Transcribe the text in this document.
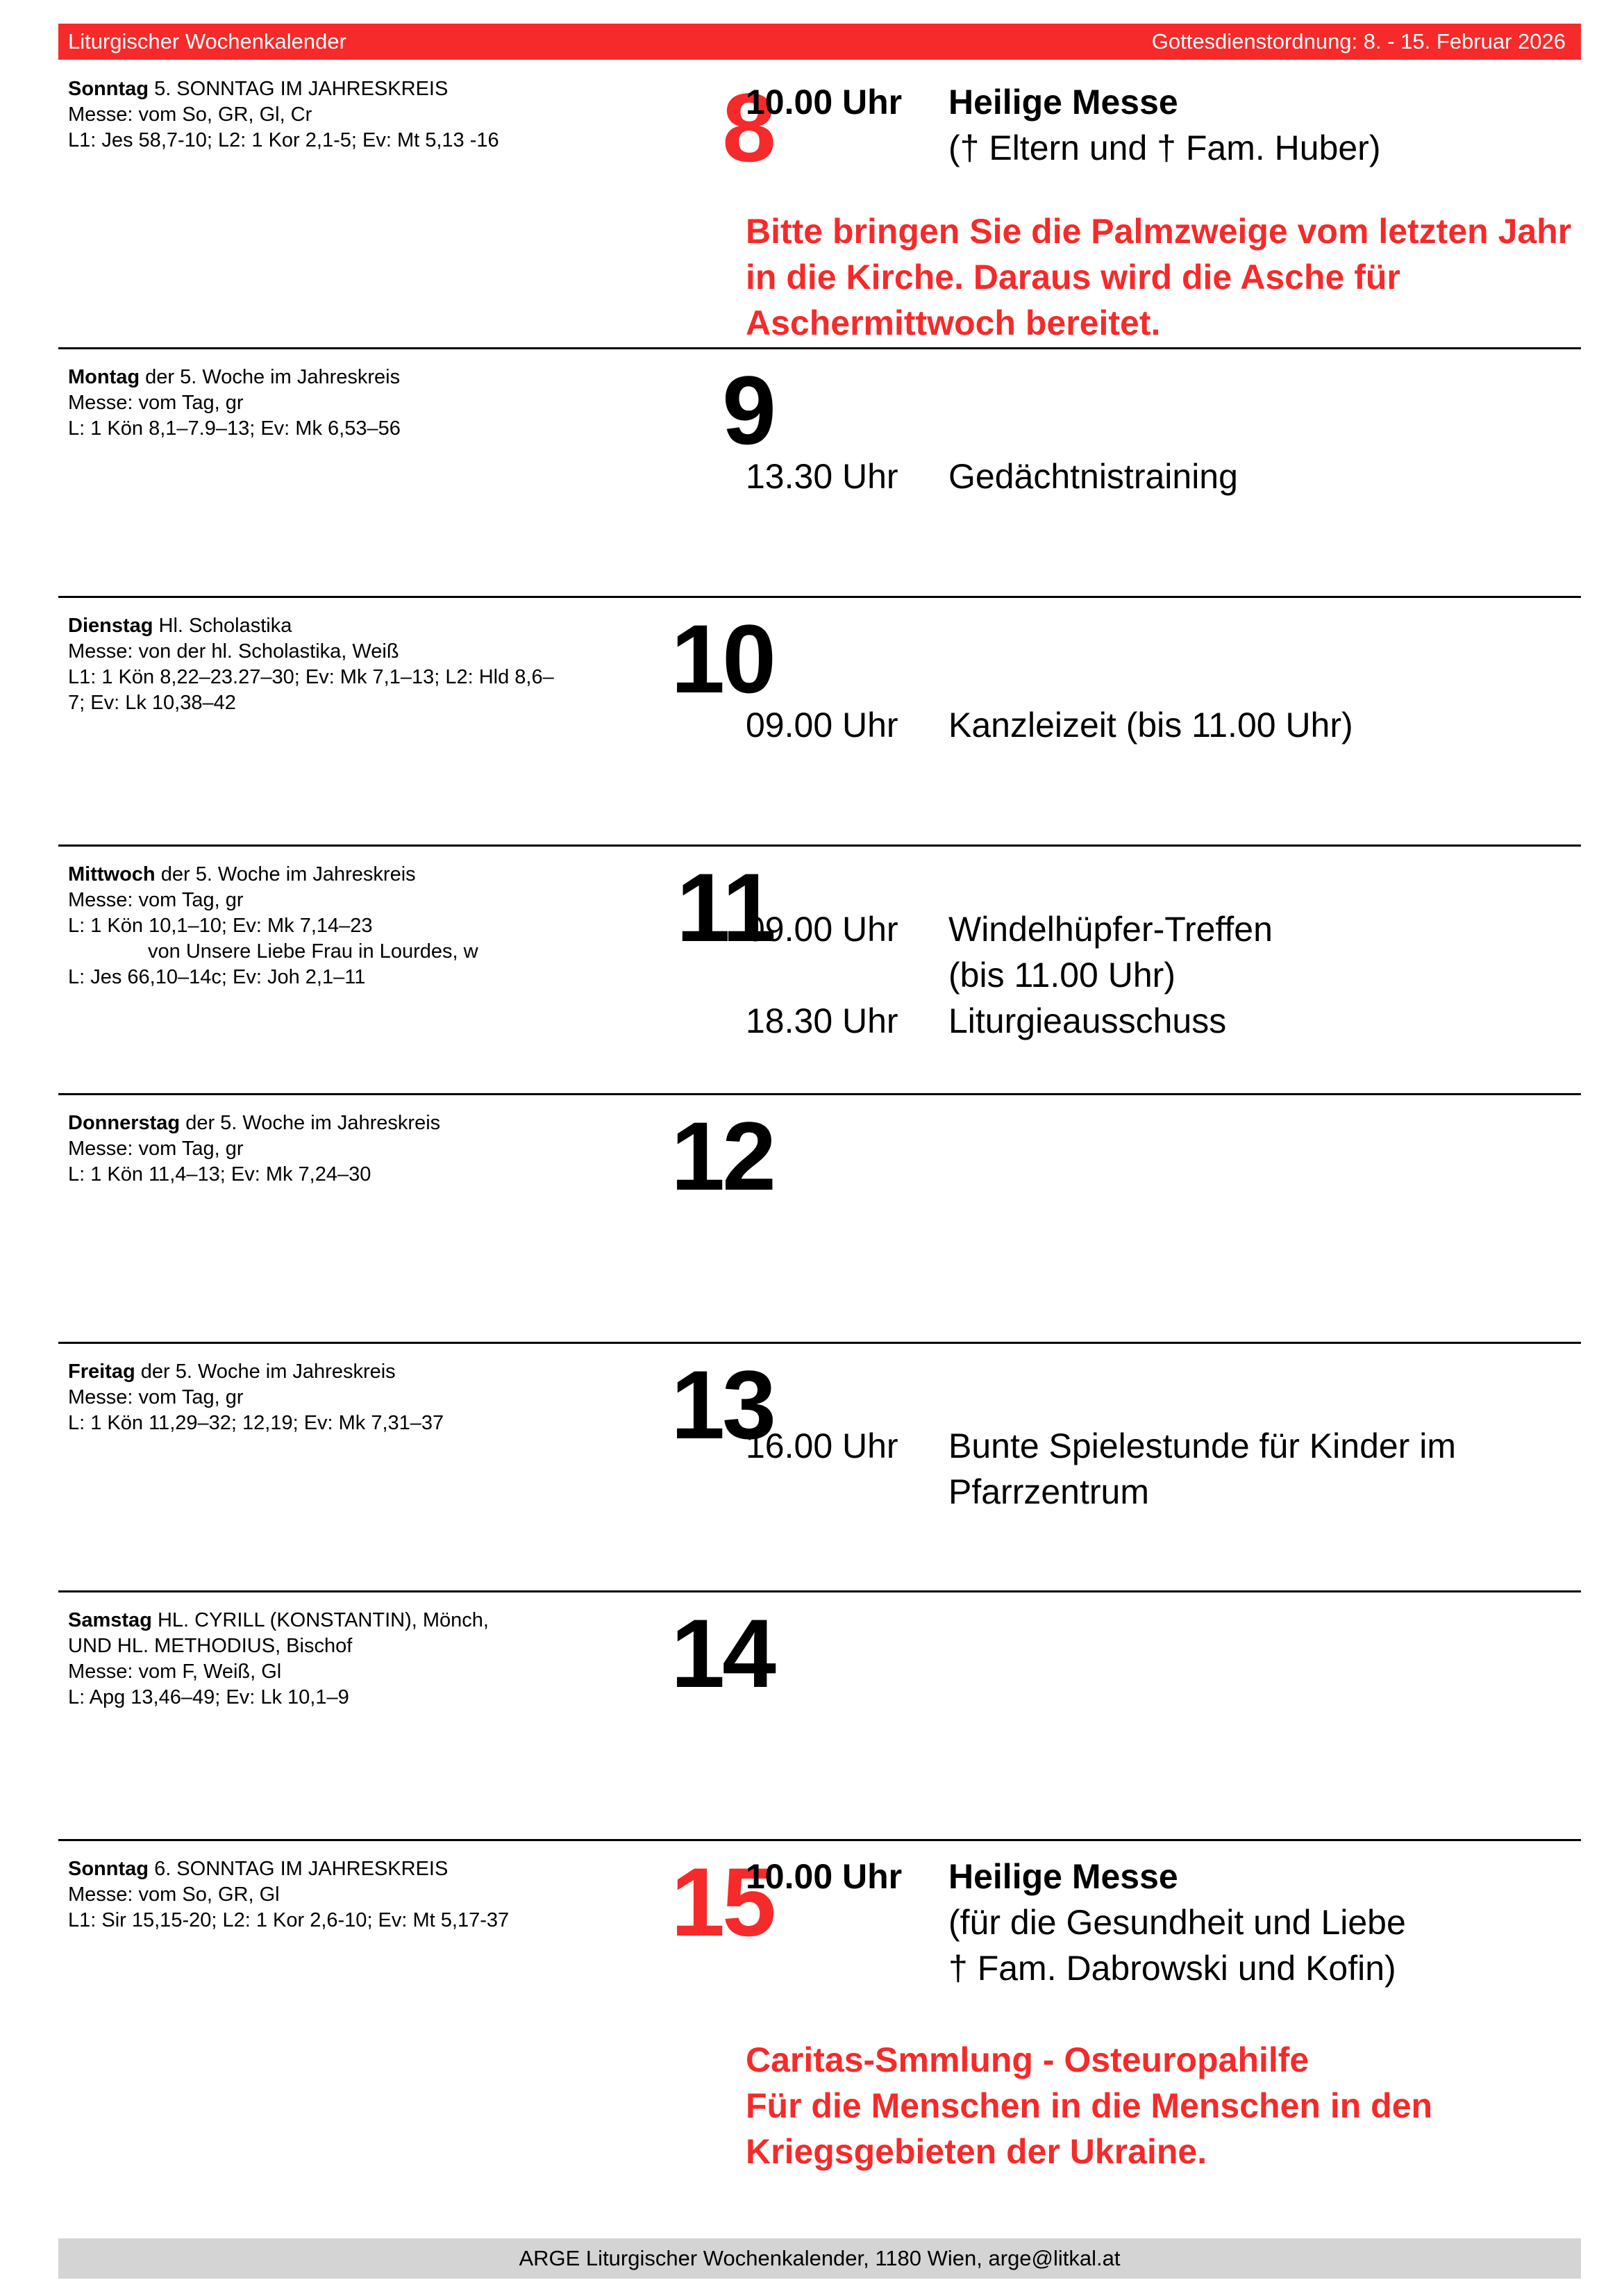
Liturgischer Wochenkalender	Gottesdienstordnung: 8. - 15. Februar 2026
Sonntag 5. SONNTAG IM JAHRESKREIS
Messe: vom So, GR, Gl, Cr
L1: Jes 58,7-10; L2: 1 Kor 2,1-5; Ev: Mt 5,13 -16	8
10.00 Uhr Heilige Messe
(† Eltern und † Fam. Huber)
Bitte bringen Sie die Palmzweige vom letzten Jahr in die Kirche. Daraus wird die Asche für Aschermittwoch bereitet.
Montag der 5. Woche im Jahreskreis
Messe: vom Tag, gr
L: 1 Kön 8,1–7.9–13; Ev: Mk 6,53–56	9
13.30 Uhr Gedächtnistraining
Dienstag Hl. Scholastika
Messe: von der hl. Scholastika, Weiß
L1: 1 Kön 8,22–23.27–30; Ev: Mk 7,1–13; L2: Hld 8,6–7; Ev: Lk 10,38–42	10
09.00 Uhr Kanzleizeit (bis 11.00 Uhr)
Mittwoch der 5. Woche im Jahreskreis
Messe: vom Tag, gr
L: 1 Kön 10,1–10; Ev: Mk 7,14–23
von Unsere Liebe Frau in Lourdes, w
L: Jes 66,10–14c; Ev: Joh 2,1–11
11
09.00 Uhr Windelhüpfer-Treffen
(bis 11.00 Uhr)
18.30 Uhr Liturgieausschuss
Donnerstag der 5. Woche im Jahreskreis
Messe: vom Tag, gr
L: 1 Kön 11,4–13; Ev: Mk 7,24–30	12
Freitag der 5. Woche im Jahreskreis
Messe: vom Tag, gr
L: 1 Kön 11,29–32; 12,19; Ev: Mk 7,31–37	13
16.00 Uhr Bunte Spielestunde für Kinder im Pfarrzentrum
Samstag HL. CYRILL (KONSTANTIN), Mönch,
UND HL. METHODIUS, Bischof
Messe: vom F, Weiß, Gl
L: Apg 13,46–49; Ev: Lk 10,1–9	14
Sonntag 6. SONNTAG IM JAHRESKREIS
Messe: vom So, GR, Gl
L1: Sir 15,15-20; L2: 1 Kor 2,6-10; Ev: Mt 5,17-37	15
10.00 Uhr Heilige Messe
(für die Gesundheit und Liebe
† Fam. Dabrowski und Kofin)
Caritas-Smmlung - Osteuropahilfe
Für die Menschen in die Menschen in den Kriegsgebieten der Ukraine.
ARGE Liturgischer Wochenkalender, 1180 Wien, arge@litkal.at
